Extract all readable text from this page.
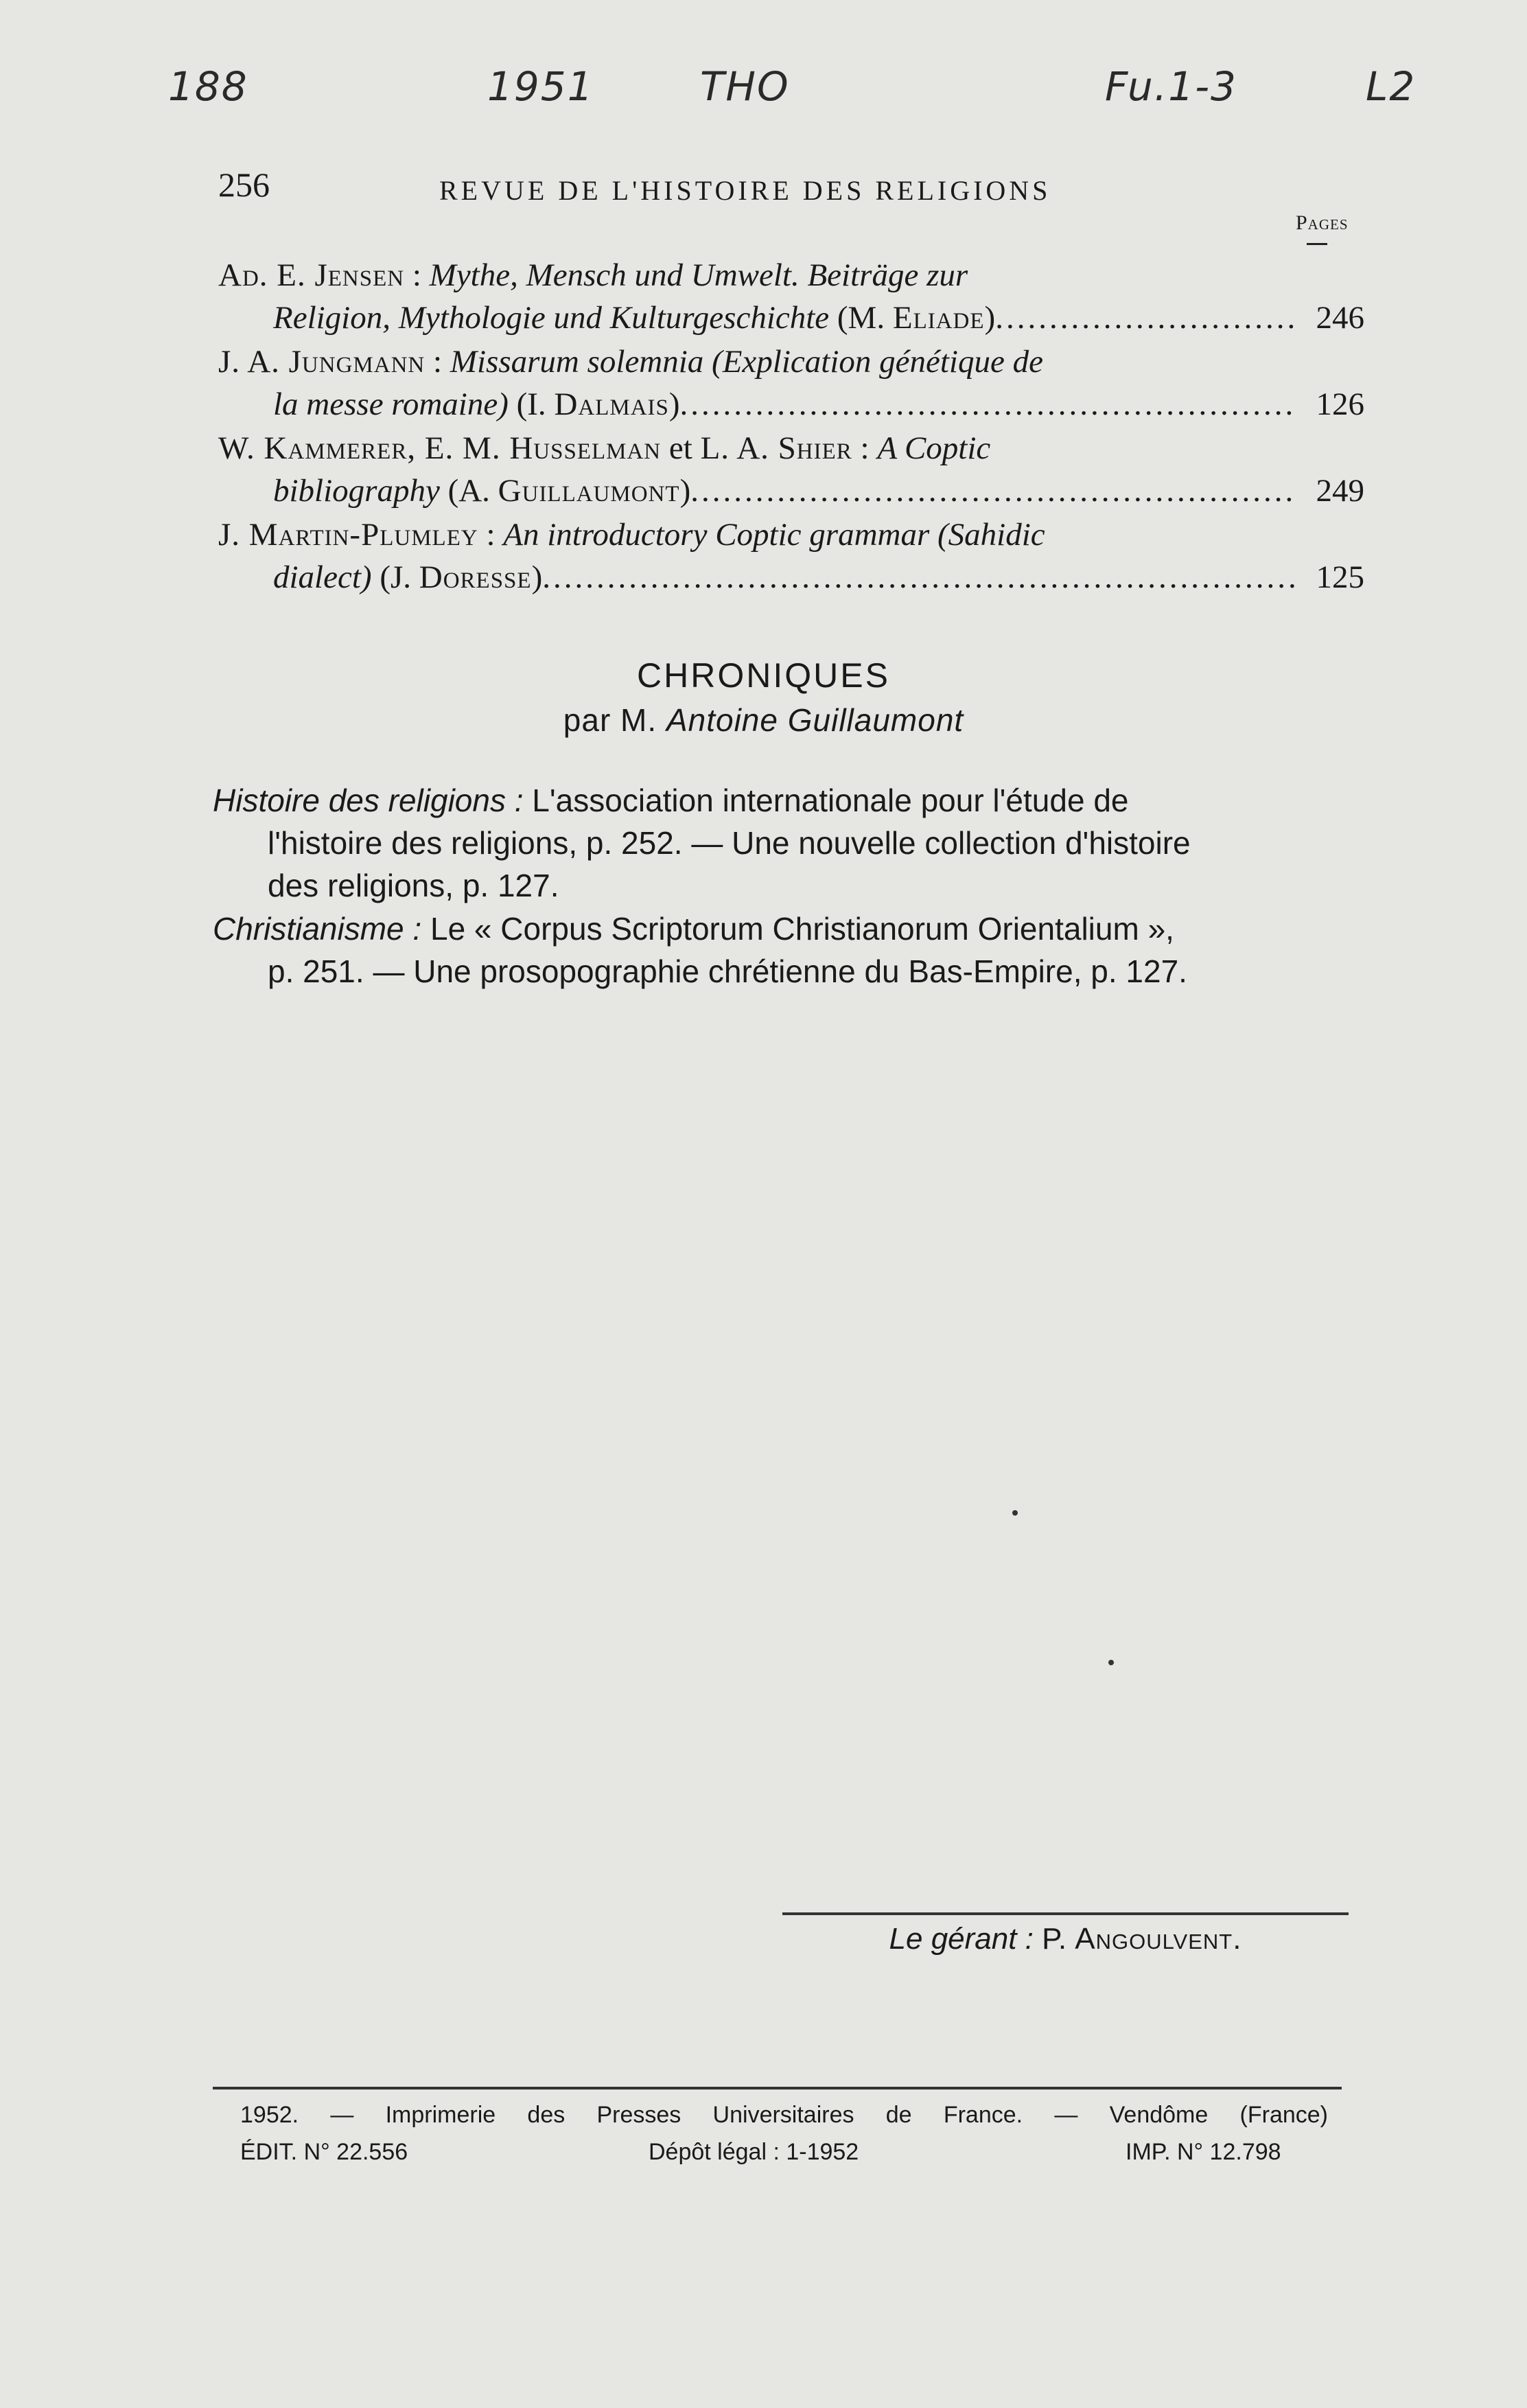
188	1951	THO	Fu.1-3	L2
256	REVUE DE L'HISTOIRE DES RELIGIONS
Pages
Ad. E. Jensen : Mythe, Mensch und Umwelt. Beiträge zur
Religion, Mythologie und Kulturgeschichte (M. Eliade) .....	246
J. A. Jungmann : Missarum solemnia (Explication génétique de
la messe romaine) (I. Dalmais) .....	126
W. Kammerer, E. M. Husselman et L. A. Shier : A Coptic
bibliography (A. Guillaumont) .....	249
J. Martin-Plumley : An introductory Coptic grammar (Sahidic
dialect) (J. Doresse) .....	125
CHRONIQUES
par M. Antoine Guillaumont
Histoire des religions : L'association internationale pour l'étude de
l'histoire des religions, p. 252. — Une nouvelle collection d'histoire
des religions, p. 127.
Christianisme : Le « Corpus Scriptorum Christianorum Orientalium »,
p. 251. — Une prosopographie chrétienne du Bas-Empire, p. 127.
Le gérant : P. Angoulvent.
1952. — Imprimerie des Presses Universitaires de France. — Vendôme (France)
ÉDIT. N° 22.556	Dépôt légal : 1-1952	IMP. N° 12.798
